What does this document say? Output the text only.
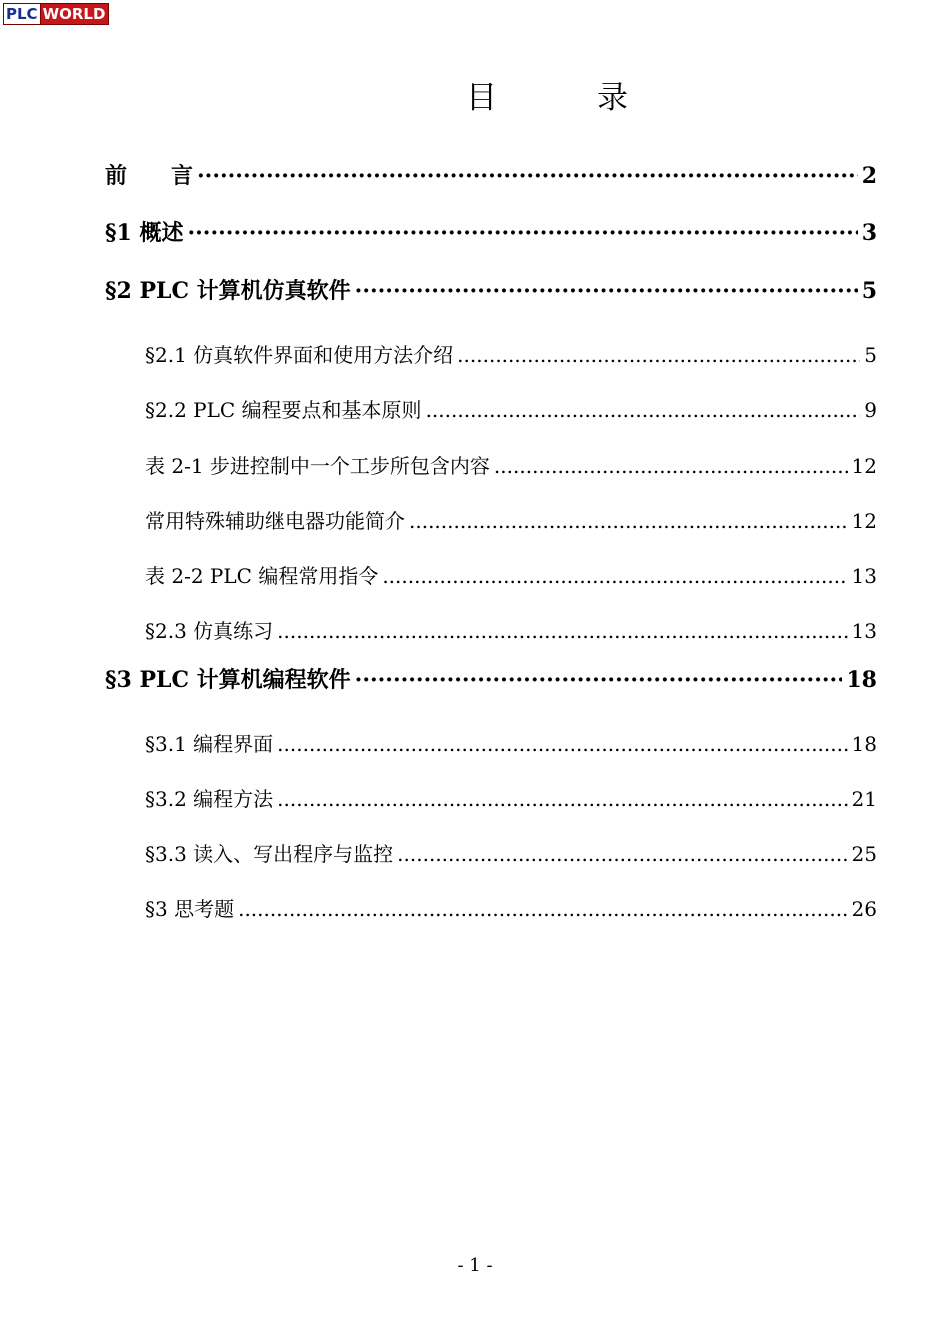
PLC WORLD
目	录
前　　言 ·····	2
§1 概述 ·····	3
§2 PLC 计算机仿真软件 ·····	5
§2.1 仿真软件界面和使用方法介绍 .....	5
§2.2 PLC 编程要点和基本原则 .....	9
表 2-1 步进控制中一个工步所包含内容 .....	12
常用特殊辅助继电器功能简介 .....	12
表 2-2 PLC 编程常用指令 .....	13
§2.3 仿真练习 .....	13
§3 PLC 计算机编程软件 ·····	18
§3.1 编程界面 .....	18
§3.2 编程方法 .....	21
§3.3 读入、写出程序与监控 .....	25
§3 思考题 .....	26
- 1 -
